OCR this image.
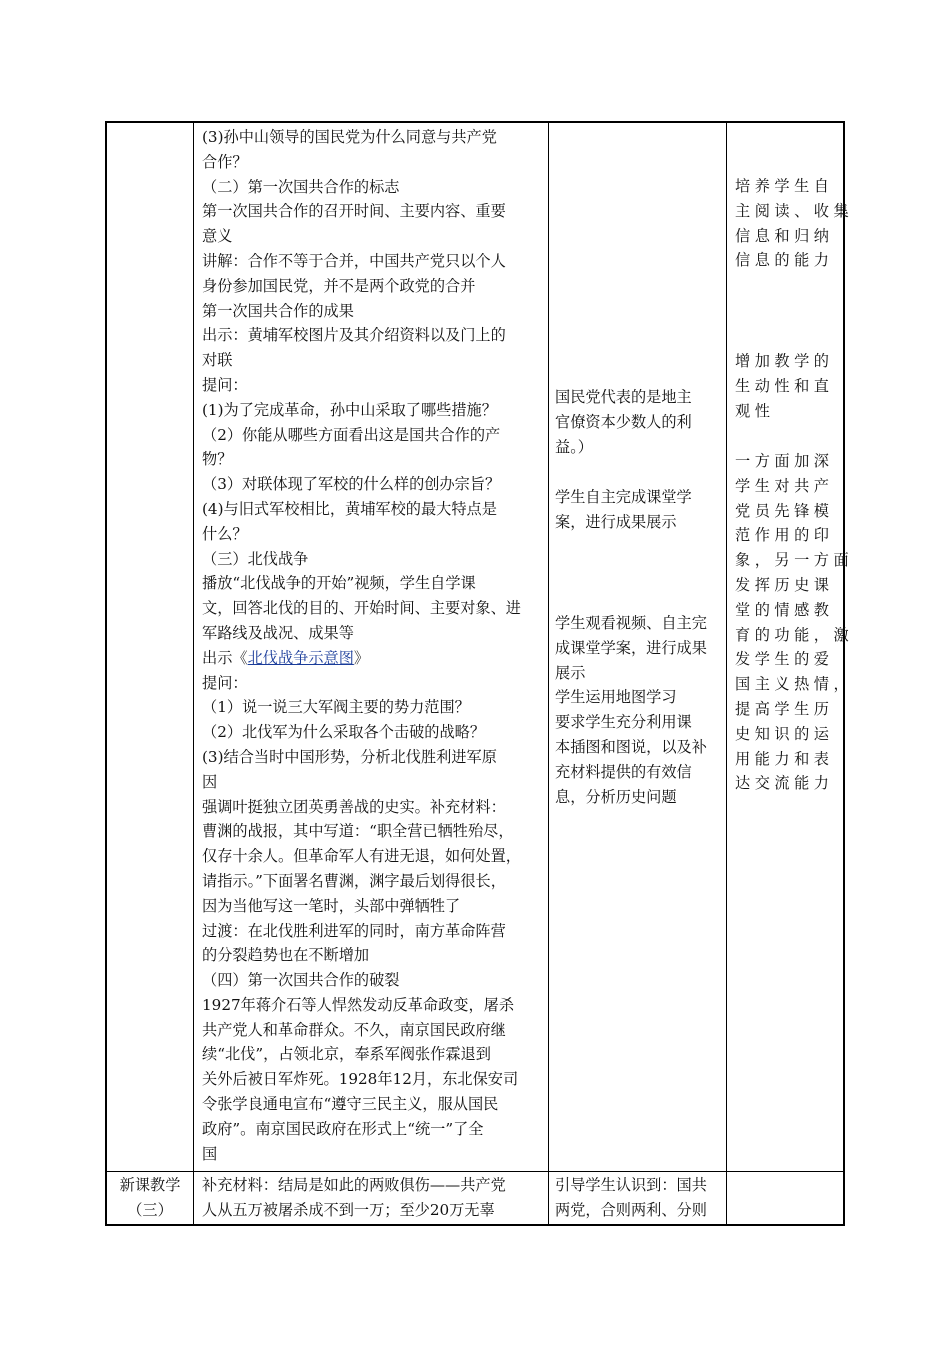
(3)孙中山领导的国民党为什么同意与共产党

合作？

（二）第一次国共合作的标志

第一次国共合作的召开时间、主要内容、重要

意义

讲解：合作不等于合并，中国共产党只以个人

身份参加国民党，并不是两个政党的合并

第一次国共合作的成果

出示：黄埔军校图片及其介绍资料以及门上的

对联

提问：

(1)为了完成革命，孙中山采取了哪些措施？

（2）你能从哪些方面看出这是国共合作的产

物？

（3）对联体现了军校的什么样的创办宗旨？

(4)与旧式军校相比，黄埔军校的最大特点是

什么？

（三）北伐战争

播放“北伐战争的开始”视频，学生自学课

文，回答北伐的目的、开始时间、主要对象、进

军路线及战况、成果等

出示《北伐战争示意图》

提问：

（1）说一说三大军阀主要的势力范围？

（2）北伐军为什么采取各个击破的战略？

(3)结合当时中国形势，分析北伐胜利进军原

因

强调叶挺独立团英勇善战的史实。补充材料：

曹渊的战报，其中写道：“职全营已牺牲殆尽，

仅存十余人。但革命军人有进无退，如何处置，

请指示。”下面署名曹渊，渊字最后划得很长，

因为当他写这一笔时，头部中弹牺牲了

过渡：在北伐胜利进军的同时，南方革命阵营

的分裂趋势也在不断增加

（四）第一次国共合作的破裂

1927年蒋介石等人悍然发动反革命政变，屠杀

共产党人和革命群众。不久，南京国民政府继

续“北伐”，占领北京，奉系军阀张作霖退到

关外后被日军炸死。1928年12月，东北保安司

令张学良通电宣布“遵守三民主义，服从国民

政府”。南京国民政府在形式上“统一”了全

国

国民党代表的是地主

官僚资本少数人的利

益。）

学生自主完成课堂学

案，进行成果展示

学生观看视频、自主完

成课堂学案，进行成果

展示

学生运用地图学习

要求学生充分利用课

本插图和图说，以及补

充材料提供的有效信

息，分析历史问题

培养学生自

主阅读、收集

信息和归纳

信息的能力

增加教学的

生动性和直

观性

一方面加深

学生对共产

党员先锋模

范作用的印

象，另一方面

发挥历史课

堂的情感教

育的功能，激

发学生的爱

国主义热情，

提高学生历

史知识的运

用能力和表

达交流能力

新课教学

（三）

补充材料：结局是如此的两败俱伤——共产党

人从五万被屠杀成不到一万；至少20万无辜

引导学生认识到：国共

两党，合则两利、分则
